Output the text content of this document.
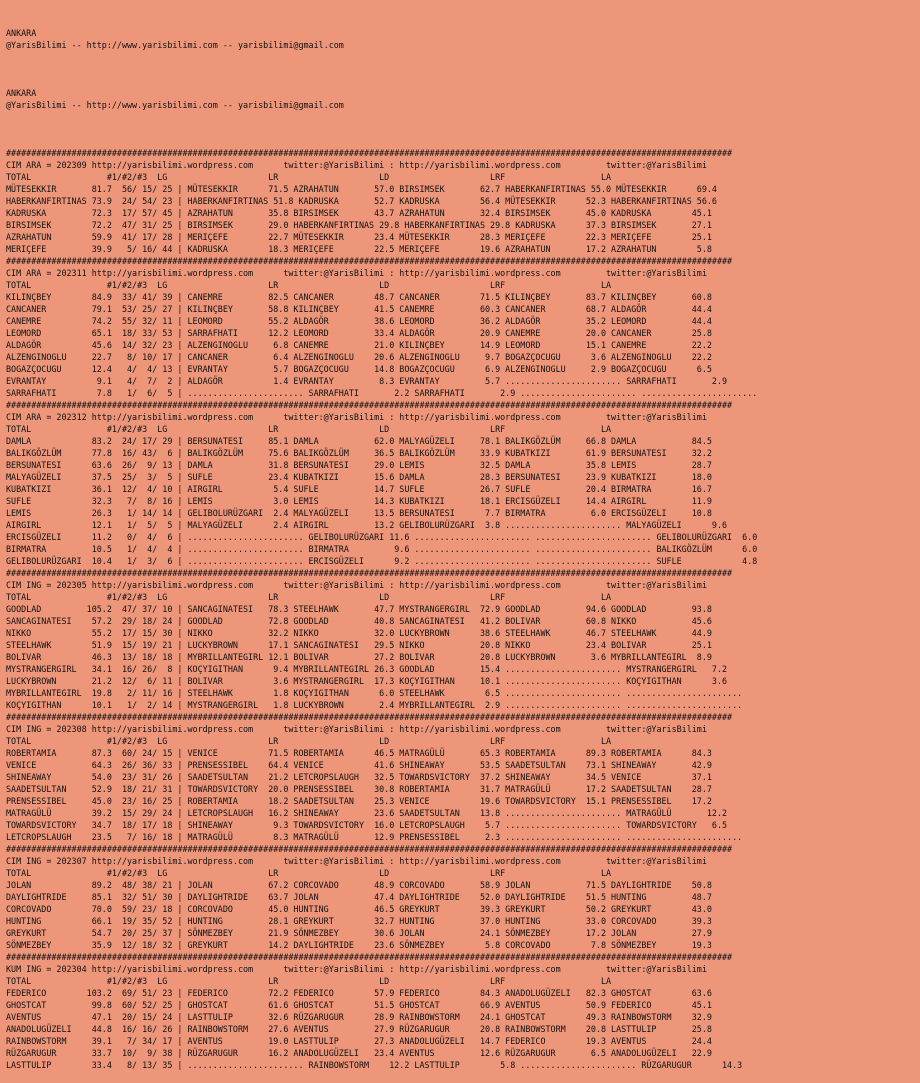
ANKARA
@YarisBilimi -- http://www.yarisbilimi.com -- yarisbilimi@gmail.com
ANKARA
@YarisBilimi -- http://www.yarisbilimi.com -- yarisbilimi@gmail.com

################################################################################################################################################
CIM ARA = 202309 http://yarisbilimi.wordpress.com      twitter:@YarisBilimi : http://yarisbilimi.wordpress.com         twitter:@YarisBilimi
TOTAL               #1/#2/#3  LG                    LR                    LD                    LRF                   LA
MÜTESEKKIR       81.7  56/ 15/ 25 | MÜTESEKKIR      71.5 AZRAHATUN       57.0 BIRSIMSEK       62.7 HABERKANFIRTINAS 55.0 MÜTESEKKIR      69.4
HABERKANFIRTINAS 73.9  24/ 54/ 23 | HABERKANFIRTINAS 51.8 KADRUSKA       52.7 KADRUSKA        56.4 MÜTESEKKIR      52.3 HABERKANFIRTINAS 56.6
KADRUSKA         72.3  17/ 57/ 45 | AZRAHATUN       35.8 BIRSIMSEK       43.7 AZRAHATUN       32.4 BIRSIMSEK       45.0 KADRUSKA        45.1
BIRSIMSEK        72.2  47/ 31/ 25 | BIRSIMSEK       29.0 HABERKANFIRTINAS 29.8 HABERKANFIRTINAS 29.8 KADRUSKA      37.3 BIRSIMSEK       27.1
AZRAHATUN        59.9  41/ 17/ 28 | MERIÇEFE        22.7 MÜTESEKKIR      23.4 MÜTESEKKIR      28.3 MERIÇEFE        22.3 MERIÇEFE        25.1
MERIÇEFE         39.9   5/ 16/ 44 | KADRUSKA        18.3 MERIÇEFE        22.5 MERIÇEFE        19.6 AZRAHATUN       17.2 AZRAHATUN        5.8
################################################################################################################################################
CIM ARA = 202311 http://yarisbilimi.wordpress.com      twitter:@YarisBilimi : http://yarisbilimi.wordpress.com         twitter:@YarisBilimi
TOTAL               #1/#2/#3  LG                    LR                    LD                    LRF                   LA
KILINÇBEY        84.9  33/ 41/ 39 | CANEMRE         82.5 CANCANER        48.7 CANCANER        71.5 KILINÇBEY       83.7 KILINÇBEY       60.8
CANCANER         79.1  53/ 25/ 27 | KILINÇBEY       58.8 KILINÇBEY       41.5 CANEMRE         60.3 CANCANER        68.7 ALDAGÖR         44.4
CANEMRE          74.2  55/ 32/ 11 | LEOMORD         55.2 ALDAGÖR         38.6 LEOMORD         36.2 ALDAGÖR         35.2 LEOMORD         44.4
LEOMORD          65.1  18/ 33/ 53 | SARRAFHATI      12.2 LEOMORD         33.4 ALDAGÖR         20.9 CANEMRE         20.0 CANCANER        25.8
ALDAGÖR          45.6  14/ 32/ 23 | ALZENGINOGLU     6.8 CANEMRE         21.0 KILINÇBEY       14.9 LEOMORD         15.1 CANEMRE         22.2
ALZENGINOGLU     22.7   8/ 10/ 17 | CANCANER         6.4 ALZENGINOGLU    20.6 ALZENGINOGLU     9.7 BOGAZÇOCUGU      3.6 ALZENGINOGLU    22.2
BOGAZÇOCUGU      12.4   4/  4/ 13 | EVRANTAY         5.7 BOGAZÇOCUGU     14.8 BOGAZÇOCUGU      6.9 ALZENGINOGLU     2.9 BOGAZÇOCUGU      6.5
EVRANTAY          9.1   4/  7/  2 | ALDAGÖR          1.4 EVRANTAY         8.3 EVRANTAY         5.7 ....................... SARRAFHATI       2.9
SARRAFHATI        7.8   1/  6/  5 | ....................... SARRAFHATI       2.2 SARRAFHATI       2.9 ....................... .......................
################################################################################################################################################
CIM ARA = 202312 http://yarisbilimi.wordpress.com      twitter:@YarisBilimi : http://yarisbilimi.wordpress.com         twitter:@YarisBilimi
TOTAL               #1/#2/#3  LG                    LR                    LD                    LRF                   LA
DAMLA            83.2  24/ 17/ 29 | BERSUNATESI     85.1 DAMLA           62.0 MALYAGÜZELI     78.1 BALIKGÖZLÜM     66.8 DAMLA           84.5
BALIKGÖZLÜM      77.8  16/ 43/  6 | BALIKGÖZLÜM     75.6 BALIKGÖZLÜM     36.5 BALIKGÖZLÜM     33.9 KUBATKIZI       61.9 BERSUNATESI     32.2
BERSUNATESI      63.6  26/  9/ 13 | DAMLA           31.8 BERSUNATESI     29.0 LEMIS           32.5 DAMLA           35.8 LEMIS           28.7
MALYAGÜZELI      37.5  25/  3/  5 | SUFLE           23.4 KUBATKIZI       15.6 DAMLA           28.3 BERSUNATESI     23.9 KUBATKIZI       18.0
KUBATKIZI        36.1  12/  4/ 10 | AIRGIRL          5.4 SUFLE           14.7 SUFLE           26.7 SUFLE           20.4 BIRMATRA        16.7
SUFLE            32.3   7/  8/ 16 | LEMIS            3.0 LEMIS           14.3 KUBATKIZI       18.1 ERCISGÜZELI     14.4 AIRGIRL         11.9
LEMIS            26.3   1/ 14/ 14 | GELIBOLURÜZGARI  2.4 MALYAGÜZELI     13.5 BERSUNATESI      7.7 BIRMATRA         6.0 ERCISGÜZELI     10.8
AIRGIRL          12.1   1/  5/  5 | MALYAGÜZELI      2.4 AIRGIRL         13.2 GELIBOLURÜZGARI  3.8 ....................... MALYAGÜZELI      9.6
ERCISGÜZELI      11.2   0/  4/  6 | ....................... GELIBOLURÜZGARI 11.6 ....................... ....................... GELIBOLURÜZGARI  6.0
BIRMATRA         10.5   1/  4/  4 | ....................... BIRMATRA         9.6 ....................... ....................... BALIKGÖZLÜM      6.0
GELIBOLURÜZGARI  10.4   1/  3/  6 | ....................... ERCISGÜZELI      9.2 ....................... ....................... SUFLE            4.8
################################################################################################################################################
CIM ING = 202305 http://yarisbilimi.wordpress.com      twitter:@YarisBilimi : http://yarisbilimi.wordpress.com         twitter:@YarisBilimi
TOTAL               #1/#2/#3  LG                    LR                    LD                    LRF                   LA
GOODLAD         105.2  47/ 37/ 10 | SANCAGINATESI   78.3 STEELHAWK       47.7 MYSTRANGERGIRL  72.9 GOODLAD         94.6 GOODLAD         93.8
SANCAGINATESI    57.2  29/ 18/ 24 | GOODLAD         72.8 GOODLAD         40.8 SANCAGINATESI   41.2 BOLIVAR         60.8 NIKKO           45.6
NIKKO            55.2  17/ 15/ 30 | NIKKO           32.2 NIKKO           32.0 LUCKYBROWN      38.6 STEELHAWK       46.7 STEELHAWK       44.9
STEELHAWK        51.9  15/ 19/ 21 | LUCKYBROWN      17.1 SANCAGINATESI   29.5 NIKKO           20.8 NIKKO           23.4 BOLIVAR         25.1
BOLIVAR          46.3  13/ 18/ 18 | MYBRILLANTEGIRL 12.1 BOLIVAR         27.2 BOLIVAR         20.8 LUCKYBROWN       3.6 MYBRILLANTEGIRL  8.9
MYSTRANGERGIRL   34.1  16/ 26/  8 | KOÇYIGITHAN      9.4 MYBRILLANTEGIRL 26.3 GOODLAD         15.4 ....................... MYSTRANGERGIRL   7.2
LUCKYBROWN       21.2  12/  6/ 11 | BOLIVAR          3.6 MYSTRANGERGIRL  17.3 KOÇYIGITHAN     10.1 ....................... KOÇYIGITHAN      3.6
MYBRILLANTEGIRL  19.8   2/ 11/ 16 | STEELHAWK        1.8 KOÇYIGITHAN      6.0 STEELHAWK        6.5 ....................... .......................
KOÇYIGITHAN      10.1   1/  2/ 14 | MYSTRANGERGIRL   1.8 LUCKYBROWN       2.4 MYBRILLANTEGIRL  2.9 ....................... .......................
################################################################################################################################################
CIM ING = 202308 http://yarisbilimi.wordpress.com      twitter:@YarisBilimi : http://yarisbilimi.wordpress.com         twitter:@YarisBilimi
TOTAL               #1/#2/#3  LG                    LR                    LD                    LRF                   LA
ROBERTAMIA       87.3  60/ 24/ 15 | VENICE          71.5 ROBERTAMIA      46.5 MATRAGÜLÜ       65.3 ROBERTAMIA      89.3 ROBERTAMIA      84.3
VENICE           64.3  26/ 36/ 33 | PRENSESSIBEL    64.4 VENICE          41.6 SHINEAWAY       53.5 SAADETSULTAN    73.1 SHINEAWAY       42.9
SHINEAWAY        54.0  23/ 31/ 26 | SAADETSULTAN    21.2 LETCROPSLAUGH   32.5 TOWARDSVICTORY  37.2 SHINEAWAY       34.5 VENICE          37.1
SAADETSULTAN     52.9  18/ 21/ 31 | TOWARDSVICTORY  20.0 PRENSESSIBEL    30.8 ROBERTAMIA      31.7 MATRAGÜLÜ       17.2 SAADETSULTAN    28.7
PRENSESSIBEL     45.0  23/ 16/ 25 | ROBERTAMIA      18.2 SAADETSULTAN    25.3 VENICE          19.6 TOWARDSVICTORY  15.1 PRENSESSIBEL    17.2
MATRAGÜLÜ        39.2  15/ 29/ 24 | LETCROPSLAUGH   16.2 SHINEAWAY       23.6 SAADETSULTAN    13.8 ....................... MATRAGÜLÜ       12.2
TOWARDSVICTORY   34.7  18/ 17/ 18 | SHINEAWAY        9.3 TOWARDSVICTORY  16.0 LETCROPSLAUGH    5.7 ....................... TOWARDSVICTORY   6.5
LETCROPSLAUGH    23.5   7/ 16/ 18 | MATRAGÜLÜ        8.3 MATRAGÜLÜ       12.9 PRENSESSIBEL     2.3 ....................... .......................
################################################################################################################################################
CIM ING = 202307 http://yarisbilimi.wordpress.com      twitter:@YarisBilimi : http://yarisbilimi.wordpress.com         twitter:@YarisBilimi
TOTAL               #1/#2/#3  LG                    LR                    LD                    LRF                   LA
JOLAN            89.2  48/ 38/ 21 | JOLAN           67.2 CORCOVADO       48.9 CORCOVADO       58.9 JOLAN           71.5 DAYLIGHTRIDE    50.8
DAYLIGHTRIDE     85.1  32/ 51/ 30 | DAYLIGHTRIDE    63.7 JOLAN           47.4 DAYLIGHTRIDE    52.0 DAYLIGHTRIDE    51.5 HUNTING         48.7
CORCOVADO        70.0  59/ 23/ 18 | CORCOVADO       45.0 HUNTING         46.5 GREYKURT        39.3 GREYKURT        50.2 GREYKURT        43.0
HUNTING          66.1  19/ 35/ 52 | HUNTING         28.1 GREYKURT        32.7 HUNTING         37.0 HUNTING         33.0 CORCOVADO       39.3
GREYKURT         54.7  20/ 25/ 37 | SÖNMEZBEY       21.9 SÖNMEZBEY       30.6 JOLAN           24.1 SÖNMEZBEY       17.2 JOLAN           27.9
SÖNMEZBEY        35.9  12/ 18/ 32 | GREYKURT        14.2 DAYLIGHTRIDE    23.6 SÖNMEZBEY        5.8 CORCOVADO        7.8 SÖNMEZBEY       19.3
################################################################################################################################################
KUM ING = 202304 http://yarisbilimi.wordpress.com      twitter:@YarisBilimi : http://yarisbilimi.wordpress.com         twitter:@YarisBilimi
TOTAL               #1/#2/#3  LG                    LR                    LD                    LRF                   LA
FEDERICO        103.2  69/ 51/ 23 | FEDERICO        72.2 FEDERICO        57.9 FEDERICO        84.3 ANADOLUGÜZELI   82.3 GHOSTCAT        63.6
GHOSTCAT         99.8  60/ 52/ 25 | GHOSTCAT        61.6 GHOSTCAT        51.5 GHOSTCAT        66.9 AVENTUS         50.9 FEDERICO        45.1
AVENTUS          47.1  20/ 15/ 24 | LASTTULIP       32.6 RÜZGARUGUR      28.9 RAINBOWSTORM    24.1 GHOSTCAT        49.3 RAINBOWSTORM    32.9
ANADOLUGÜZELI    44.8  16/ 16/ 26 | RAINBOWSTORM    27.6 AVENTUS         27.9 RÜZGARUGUR      20.8 RAINBOWSTORM    20.8 LASTTULIP       25.8
RAINBOWSTORM     39.1   7/ 34/ 17 | AVENTUS         19.0 LASTTULIP       27.3 ANADOLUGÜZELI   14.7 FEDERICO        19.3 AVENTUS         24.4
RÜZGARUGUR       33.7  10/  9/ 38 | RÜZGARUGUR      16.2 ANADOLUGÜZELI   23.4 AVENTUS         12.6 RÜZGARUGUR       6.5 ANADOLUGÜZELI   22.9
LASTTULIP        33.4   8/ 13/ 35 | ....................... RAINBOWSTORM    12.2 LASTTULIP        5.8 ....................... RÜZGARUGUR      14.3
